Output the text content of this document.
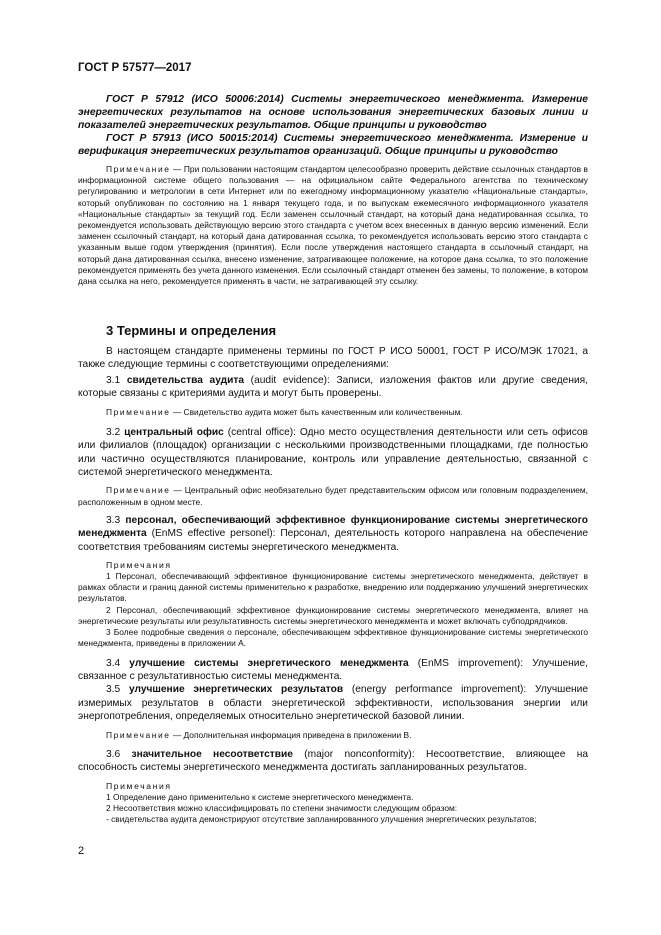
ГОСТ Р 57577—2017

ГОСТ Р 57912 (ИСО 50006:2014) Системы энергетического менеджмента. Измерение энергетических результатов на основе использования энергетических базовых линии и показателей энергетических результатов. Общие принципы и руководство

ГОСТ Р 57913 (ИСО 50015:2014) Системы энергетического менеджмента. Измерение и верификация энергетических результатов организаций. Общие принципы и руководство

Примечание — При пользовании настоящим стандартом целесообразно проверить действие ссылочных стандартов в информационной системе общего пользования — на официальном сайте Федерального агентства по техническому регулированию и метрологии в сети Интернет или по ежегодному информационному указателю «Национальные стандарты», который опубликован по состоянию на 1 января текущего года, и по выпускам ежемесячного информационного указателя «Национальные стандарты» за текущий год. Если заменен ссылочный стандарт, на который дана недатированная ссылка, то рекомендуется использовать действующую версию этого стандарта с учетом всех внесенных в данную версию изменений. Если заменен ссылочный стандарт, на который дана датированная ссылка, то рекомендуется использовать версию этого стандарта с указанным выше годом утверждения (принятия). Если после утверждения настоящего стандарта в ссылочный стандарт, на который дана датированная ссылка, внесено изменение, затрагивающее положение, на которое дана ссылка, то это положение рекомендуется применять без учета данного изменения. Если ссылочный стандарт отменен без замены, то положение, в котором дана ссылка на него, рекомендуется применять в части, не затрагивающей эту ссылку.

3 Термины и определения

В настоящем стандарте применены термины по ГОСТ Р ИСО 50001, ГОСТ Р ИСО/МЭК 17021, а также следующие термины с соответствующими определениями:

3.1 свидетельства аудита (audit evidence): Записи, изложения фактов или другие сведения, которые связаны с критериями аудита и могут быть проверены.

Примечание — Свидетельство аудита может быть качественным или количественным.

3.2 центральный офис (central office): Одно место осуществления деятельности или сеть офисов или филиалов (площадок) организации с несколькими производственными площадками, где полностью или частично осуществляются планирование, контроль или управление деятельностью, связанной с системой энергетического менеджмента.

Примечание — Центральный офис необязательно будет представительским офисом или головным подразделением, расположенным в одном месте.

3.3 персонал, обеспечивающий эффективное функционирование системы энергетического менеджмента (EnMS effective personel): Персонал, деятельность которого направлена на обеспечение соответствия требованиям системы энергетического менеджмента.

Примечания

1 Персонал, обеспечивающий эффективное функционирование системы энергетического менеджмента, действует в рамках области и границ данной системы применительно к разработке, внедрению или поддержанию улучшений энергетических результатов.

2 Персонал, обеспечивающий эффективное функционирование системы энергетического менеджмента, влияет на энергетические результаты или результативность системы энергетического менеджмента и может включать субподрядчиков.

3 Более подробные сведения о персонале, обеспечивающем эффективное функционирование системы энергетического менеджмента, приведены в приложении А.

3.4 улучшение системы энергетического менеджмента (EnMS improvement): Улучшение, связанное с результативностью системы менеджмента.

3.5 улучшение энергетических результатов (energy performance improvement): Улучшение измеримых результатов в области энергетической эффективности, использования энергии или энергопотребления, определяемых относительно энергетической базовой линии.

Примечание — Дополнительная информация приведена в приложении В.

3.6 значительное несоответствие (major nonconformity): Несоответствие, влияющее на способность системы энергетического менеджмента достигать запланированных результатов.

Примечания

1 Определение дано применительно к системе энергетического менеджмента.

2 Несоответствия можно классифицировать по степени значимости следующим образом:

- свидетельства аудита демонстрируют отсутствие запланированного улучшения энергетических результатов;

2
